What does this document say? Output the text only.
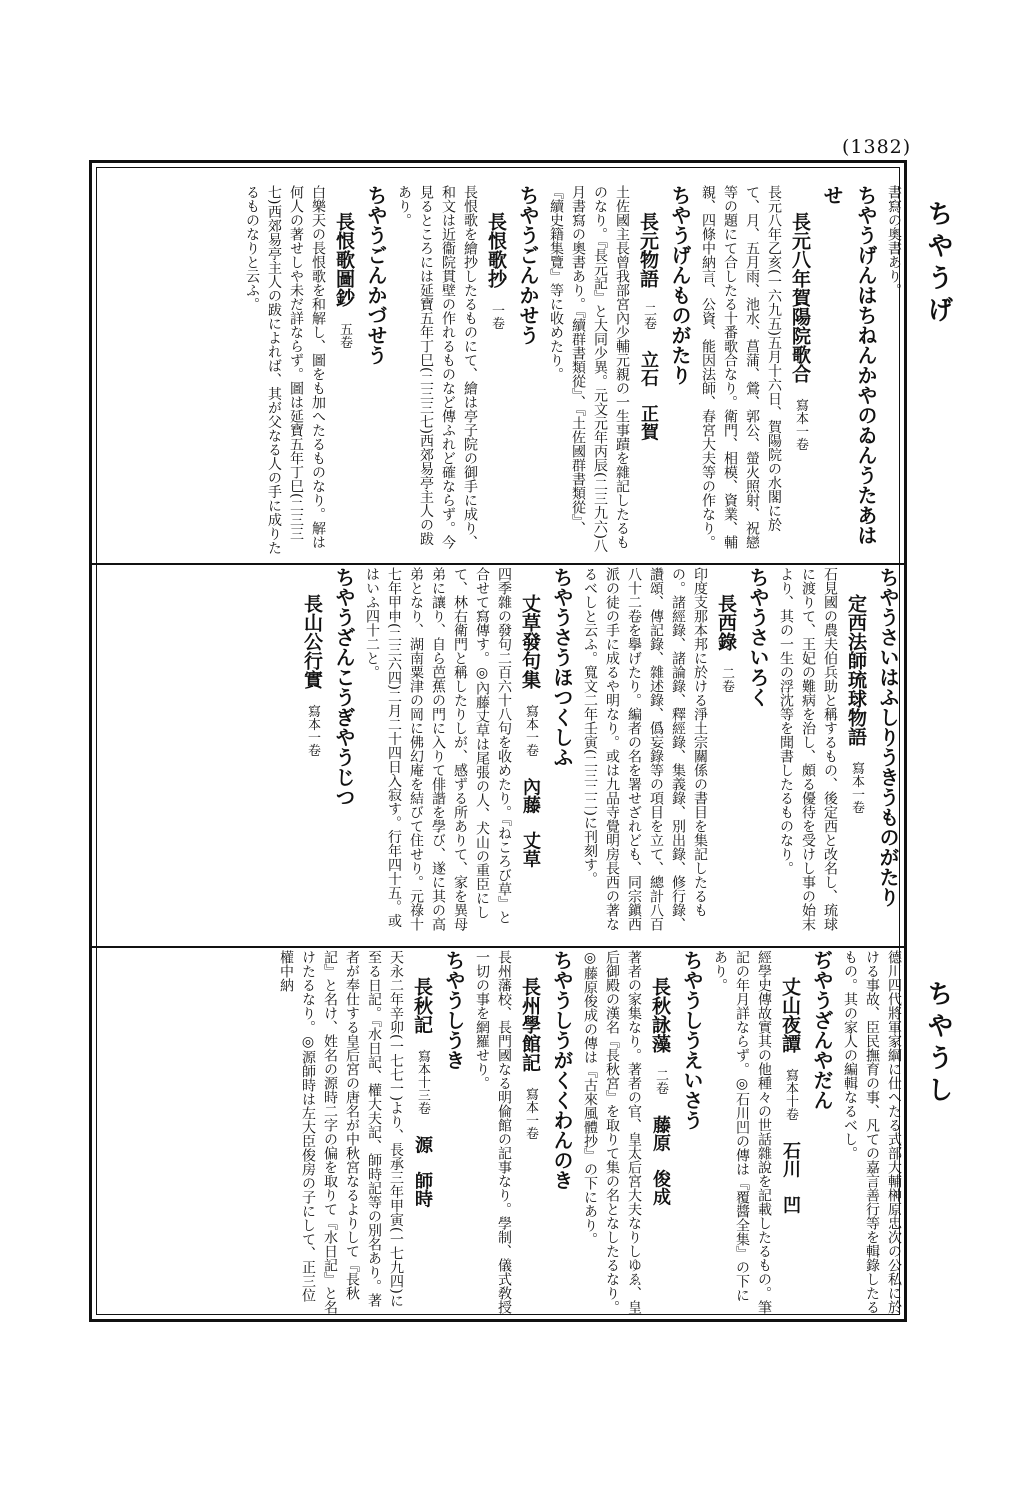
(1382)
ちやうげ
ちやうし
書寫の奧書あり。
ちやうげんはちねんかやのゐんうたあはせ
長元八年賀陽院歌合寫本一卷
長元八年乙亥(一六九五)五月十六日、賀陽院の水閣に於て、月、五月雨、池水、菖蒲、鶯、郭公、螢火照射、祝戀等の題にて合したる十番歌合なり。衛門、相模、資業、輔親、四條中納言、公資、能因法師、春宮大夫等の作なり。
ちやうげんものがたり
長元物語二卷立石　正賀
土佐國主長曾我部宮內少輔元親の一生事蹟を雜記したるものなり。『長元記』と大同少異。元文元年丙辰(二三九六)八月書寫の奧書あり。『續群書類從』、『土佐國群書類從』、『續史籍集覽』等に收めたり。
ちやうごんかせう
長恨歌抄一卷
長恨歌を繪抄したるものにて、繪は亭子院の御手に成り、和文は近衞院貫壁の作れるものなど傳ふれど確ならず。今見るところには延寶五年丁巳(二三三七)西郊易亭主人の跋あり。
ちやうごんかづせう
長恨歌圖鈔五卷
白樂天の長恨歌を和解し、圖をも加へたるものなり。解は何人の著せしや未だ詳ならず。圖は延寶五年丁巳(二三三七)西郊易亭主人の跋によれば、其が父なる人の手に成りたるものなりと云ふ。
ちやうさいはふしりうきうものがたり
定西法師琉球物語寫本一卷
石見國の農夫伯兵助と稱するもの、後定西と改名し、琉球に渡りて、王妃の難病を治し、頗る優待を受けし事の始末より、其の一生の浮沈等を聞書したるものなり。
ちやうさいろく
長西錄二卷
印度支那本邦に於ける淨土宗關係の書目を集記したるもの。諸經錄、諸論錄、釋經錄、集義錄、別出錄、修行錄、讚頌、傳記錄、雜述錄、僞妄錄等の項目を立て、總計八百八十二卷を擧げたり。編者の名を署せざれども、同宗鎭西派の徒の手に成るや明なり。或は九品寺覺明房長西の著なるべしと云ふ。寬文二年壬寅(二三二二)に刊刻す。
ちやうさうほつくしふ
丈草發句集寫本一卷內藤　丈草
四季雜の發句二百六十八句を收めたり。『ねころび草』と合せて寫傳す。◎內藤丈草は尾張の人、犬山の重臣にして、林右衛門と稱したりしが、感ずる所ありて、家を異母弟に讓り、自ら芭蕉の門に入りて俳諧を學び、遂に其の高弟となり、湖南粟津の岡に佛幻庵を結びて住せり。元祿十七年甲申(二三六四)二月二十四日入寂す。行年四十五。或はいふ四十二と。
ちやうざんこうぎやうじつ
長山公行實寫本一卷
德川四代將軍家綱に仕へたる式部大輔榊原忠次の公私に於ける事故、臣民撫育の事、凡ての嘉言善行等を輯錄したるもの。其の家人の編輯なるべし。
ぢやうざんやだん
丈山夜譚寫本十卷石川　凹
經學史傳故實其の他種々の世話雜說を記載したるもの。筆記の年月詳ならず。◎石川凹の傳は『覆醬全集』の下にあり。
ちやうしうえいさう
長秋詠藻二卷藤原　俊成
著者の家集なり。著者の官、皇太后宮大夫なりしゆゑ、皇后御殿の漢名『長秋宮』を取りて集の名となしたるなり。◎藤原俊成の傳は『古來風體抄』の下にあり。
ちやうしうがくくわんのき
長州學館記寫本一卷
長州藩校、長門國なる明倫館の記事なり。學制、儀式敎授一切の事を網羅せり。
ちやうしうき
長秋記寫本十三卷源　師時
天永二年辛卯(一七七一)より、長承三年甲寅(一七九四)に至る日記。『水日記、權大夫記、師時記等の別名あり。著者が奉仕する皇后宮の唐名が中秋宮なるよりして『長秋記』と名け、姓名の源時二字の偏を取りて『水日記』と名けたるなり。◎源師時は左大臣俊房の子にして、正三位權中納
